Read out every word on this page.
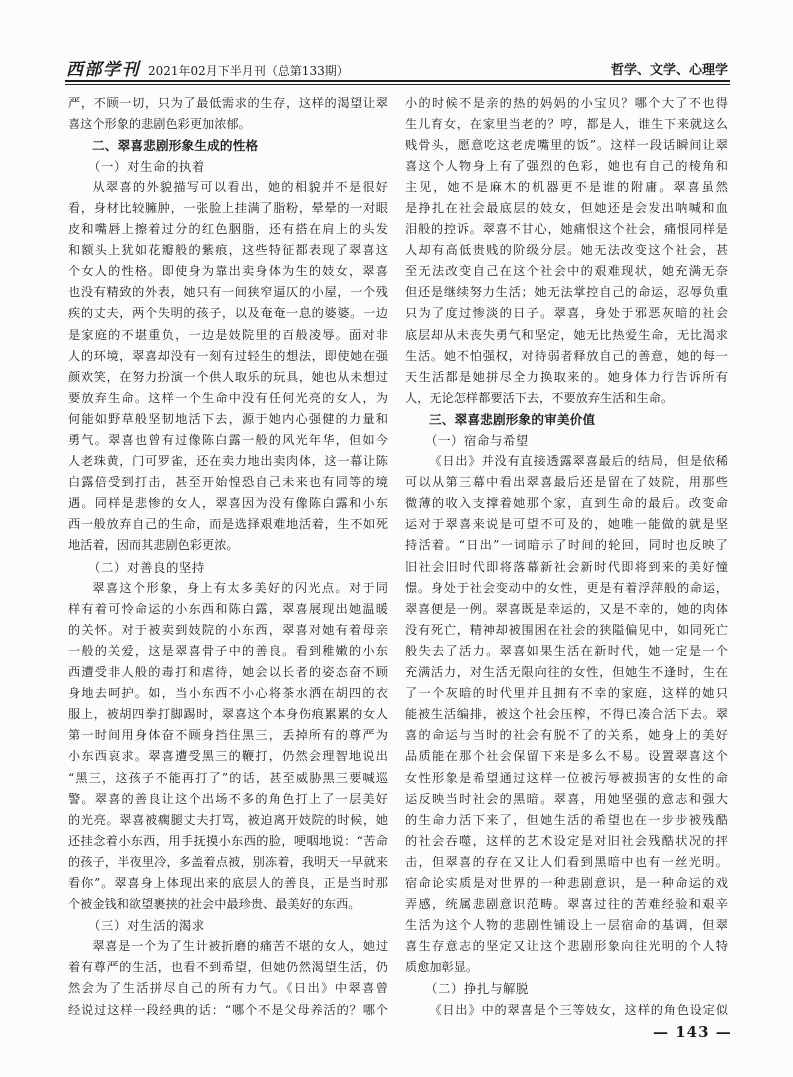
西部学刊 2021年02月下半月刊（总第133期）	哲学、文学、心理学
严，不顾一切，只为了最低需求的生存，这样的渴望让翠
喜这个形象的悲剧色彩更加浓郁。
二、翠喜悲剧形象生成的性格
（一）对生命的执着
从翠喜的外貌描写可以看出，她的相貌并不是很好
看，身材比较臃肿，一张脸上挂满了脂粉，晕晕的一对眼
皮和嘴唇上擦着过分的红色胭脂，还有搭在肩上的头发
和额头上犹如花瓣般的紫痕，这些特征都表现了翠喜这
个女人的性格。即使身为靠出卖身体为生的妓女，翠喜
也没有精致的外表，她只有一间狭窄逼仄的小屋，一个残
疾的丈夫，两个失明的孩子，以及奄奄一息的婆婆。一边
是家庭的不堪重负，一边是妓院里的百般凌辱。面对非
人的环境，翠喜却没有一刻有过轻生的想法，即使她在强
颜欢笑，在努力扮演一个供人取乐的玩具，她也从未想过
要放弃生命。这样一个生命中没有任何光亮的女人，为
何能如野草般坚韧地活下去，源于她内心强健的力量和
勇气。翠喜也曾有过像陈白露一般的风光年华，但如今
人老珠黄，门可罗雀，还在卖力地出卖肉体，这一幕让陈
白露倍受到打击，甚至开始惶恐自己未来也有同等的境
遇。同样是悲惨的女人，翠喜因为没有像陈白露和小东
西一般放弃自己的生命，而是选择艰难地活着，生不如死
地活着，因而其悲剧色彩更浓。
（二）对善良的坚持
翠喜这个形象，身上有太多美好的闪光点。对于同
样有着可怜命运的小东西和陈白露，翠喜展现出她温暖
的关怀。对于被卖到妓院的小东西，翠喜对她有着母亲
一般的关爱，这是翠喜骨子中的善良。看到稚嫩的小东
西遭受非人般的毒打和虐待，她会以长者的姿态奋不顾
身地去呵护。如，当小东西不小心将茶水洒在胡四的衣
服上，被胡四拳打脚踢时，翠喜这个本身伤痕累累的女人
第一时间用身体奋不顾身挡住黑三，丢掉所有的尊严为
小东西哀求。翠喜遭受黑三的鞭打，仍然会理智地说出
“黑三，这孩子不能再打了”的话，甚至威胁黑三要喊巡
警。翠喜的善良让这个出场不多的角色打上了一层美好
的光亮。翠喜被瘸腿丈夫打骂，被迫离开妓院的时候，她
还挂念着小东西，用手抚摸小东西的脸，哽咽地说：“苦命
的孩子，半夜里冷，多盖着点被，别冻着，我明天一早就来
看你”。翠喜身上体现出来的底层人的善良，正是当时那
个被金钱和欲望裹挟的社会中最珍贵、最美好的东西。
（三）对生活的渴求
翠喜是一个为了生计被折磨的痛苦不堪的女人，她过
着有尊严的生活，也看不到希望，但她仍然渴望生活，仍
然会为了生活拼尽自己的所有力气。《日出》中翠喜曾
经说过这样一段经典的话：“哪个不是父母养活的？哪个
小的时候不是亲的热的妈妈的小宝贝？哪个大了不也得
生儿育女，在家里当老的？哼，都是人，谁生下来就这么
贱骨头，愿意吃这老虎嘴里的饭”。这样一段话瞬间让翠
喜这个人物身上有了强烈的色彩，她也有自己的棱角和
主见，她不是麻木的机器更不是谁的附庸。翠喜虽然
是挣扎在社会最底层的妓女，但她还是会发出呐喊和血
泪般的控诉。翠喜不甘心，她痛恨这个社会，痛恨同样是
人却有高低贵贱的阶级分层。她无法改变这个社会，甚
至无法改变自己在这个社会中的艰难现状，她充满无奈
但还是继续努力生活；她无法掌控自己的命运，忍辱负重
只为了度过惨淡的日子。翠喜，身处于邪恶灰暗的社会
底层却从未丧失勇气和坚定，她无比热爱生命，无比渴求
生活。她不怕强权，对待弱者释放自己的善意，她的每一
天生活都是她拼尽全力换取来的。她身体力行告诉所有
人，无论怎样都要活下去，不要放弃生活和生命。
三、翠喜悲剧形象的审美价值
（一）宿命与希望
《日出》并没有直接透露翠喜最后的结局，但是依稀
可以从第三幕中看出翠喜最后还是留在了妓院，用那些
微薄的收入支撑着她那个家，直到生命的最后。改变命
运对于翠喜来说是可望不可及的，她唯一能做的就是坚
持活着。“日出”一词暗示了时间的轮回，同时也反映了
旧社会旧时代即将落幕新社会新时代即将到来的美好憧
憬。身处于社会变动中的女性，更是有着浮萍般的命运，
翠喜便是一例。翠喜既是幸运的，又是不幸的，她的肉体
没有死亡，精神却被围困在社会的狭隘偏见中，如同死亡
般失去了活力。翠喜如果生活在新时代，她一定是一个
充满活力，对生活无限向往的女性，但她生不逢时，生在
了一个灰暗的时代里并且拥有不幸的家庭，这样的她只
能被生活编排，被这个社会压榨，不得已凑合活下去。翠
喜的命运与当时的社会有脱不了的关系，她身上的美好
品质能在那个社会保留下来是多么不易。设置翠喜这个
女性形象是希望通过这样一位被污辱被损害的女性的命
运反映当时社会的黑暗。翠喜，用她坚强的意志和强大
的生命力活下来了，但她生活的希望也在一步步被残酷
的社会吞噬，这样的艺术设定是对旧社会残酷状况的抨
击，但翠喜的存在又让人们看到黑暗中也有一丝光明。
宿命论实质是对世界的一种悲剧意识，是一种命运的戏
弄感，统属悲剧意识范畴。翠喜过往的苦难经验和艰辛
生活为这个人物的悲剧性铺设上一层宿命的基调，但翠
喜生存意志的坚定又让这个悲剧形象向往光明的个人特
质愈加彰显。
（二）挣扎与解脱
《日出》中的翠喜是个三等妓女，这样的角色设定似
— 143 —
